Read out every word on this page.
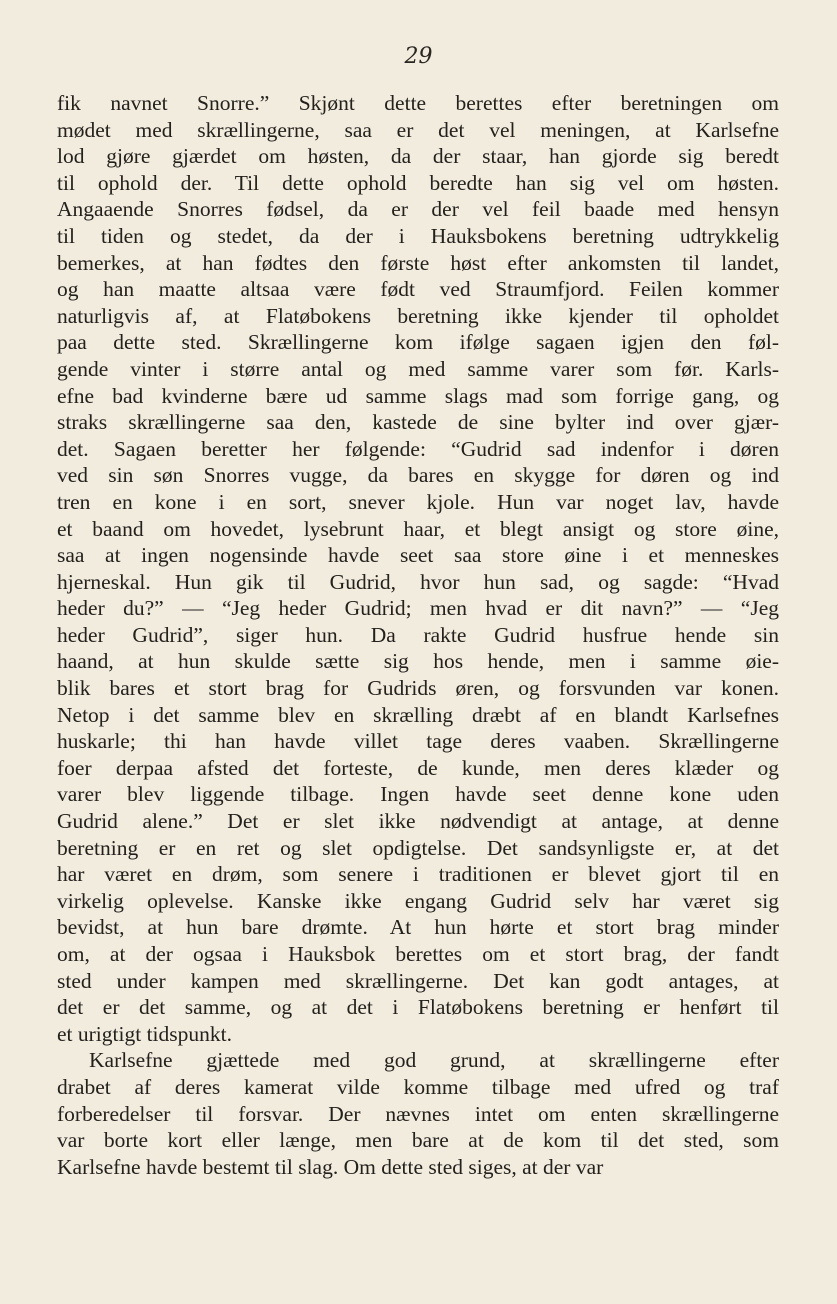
29
fik navnet Snorre.” Skjønt dette berettes efter beretningen om
mødet med skrællingerne, saa er det vel meningen, at Karlsefne
lod gjøre gjærdet om høsten, da der staar, han gjorde sig beredt
til ophold der. Til dette ophold beredte han sig vel om høsten.
Angaaende Snorres fødsel, da er der vel feil baade med hensyn
til tiden og stedet, da der i Hauksbokens beretning udtrykkelig
bemerkes, at han fødtes den første høst efter ankomsten til landet,
og han maatte altsaa være født ved Straumfjord. Feilen kommer
naturligvis af, at Flatøbokens beretning ikke kjender til opholdet
paa dette sted. Skrællingerne kom ifølge sagaen igjen den føl-
gende vinter i større antal og med samme varer som før. Karls-
efne bad kvinderne bære ud samme slags mad som forrige gang, og
straks skrællingerne saa den, kastede de sine bylter ind over gjær-
det. Sagaen beretter her følgende: “Gudrid sad indenfor i døren
ved sin søn Snorres vugge, da bares en skygge for døren og ind
tren en kone i en sort, snever kjole. Hun var noget lav, havde
et baand om hovedet, lysebrunt haar, et blegt ansigt og store øine,
saa at ingen nogensinde havde seet saa store øine i et menneskes
hjerneskal. Hun gik til Gudrid, hvor hun sad, og sagde: “Hvad
heder du?” — “Jeg heder Gudrid; men hvad er dit navn?” — “Jeg
heder Gudrid”, siger hun. Da rakte Gudrid husfrue hende sin
haand, at hun skulde sætte sig hos hende, men i samme øie-
blik bares et stort brag for Gudrids øren, og forsvunden var konen.
Netop i det samme blev en skrælling dræbt af en blandt Karlsefnes
huskarle; thi han havde villet tage deres vaaben. Skrællingerne
foer derpaa afsted det forteste, de kunde, men deres klæder og
varer blev liggende tilbage. Ingen havde seet denne kone uden
Gudrid alene.” Det er slet ikke nødvendigt at antage, at denne
beretning er en ret og slet opdigtelse. Det sandsynligste er, at det
har været en drøm, som senere i traditionen er blevet gjort til en
virkelig oplevelse. Kanske ikke engang Gudrid selv har været sig
bevidst, at hun bare drømte. At hun hørte et stort brag minder
om, at der ogsaa i Hauksbok berettes om et stort brag, der fandt
sted under kampen med skrællingerne. Det kan godt antages, at
det er det samme, og at det i Flatøbokens beretning er henført til
et urigtigt tidspunkt.
Karlsefne gjættede med god grund, at skrællingerne efter
drabet af deres kamerat vilde komme tilbage med ufred og traf
forberedelser til forsvar. Der nævnes intet om enten skrællingerne
var borte kort eller længe, men bare at de kom til det sted, som
Karlsefne havde bestemt til slag. Om dette sted siges, at der var
